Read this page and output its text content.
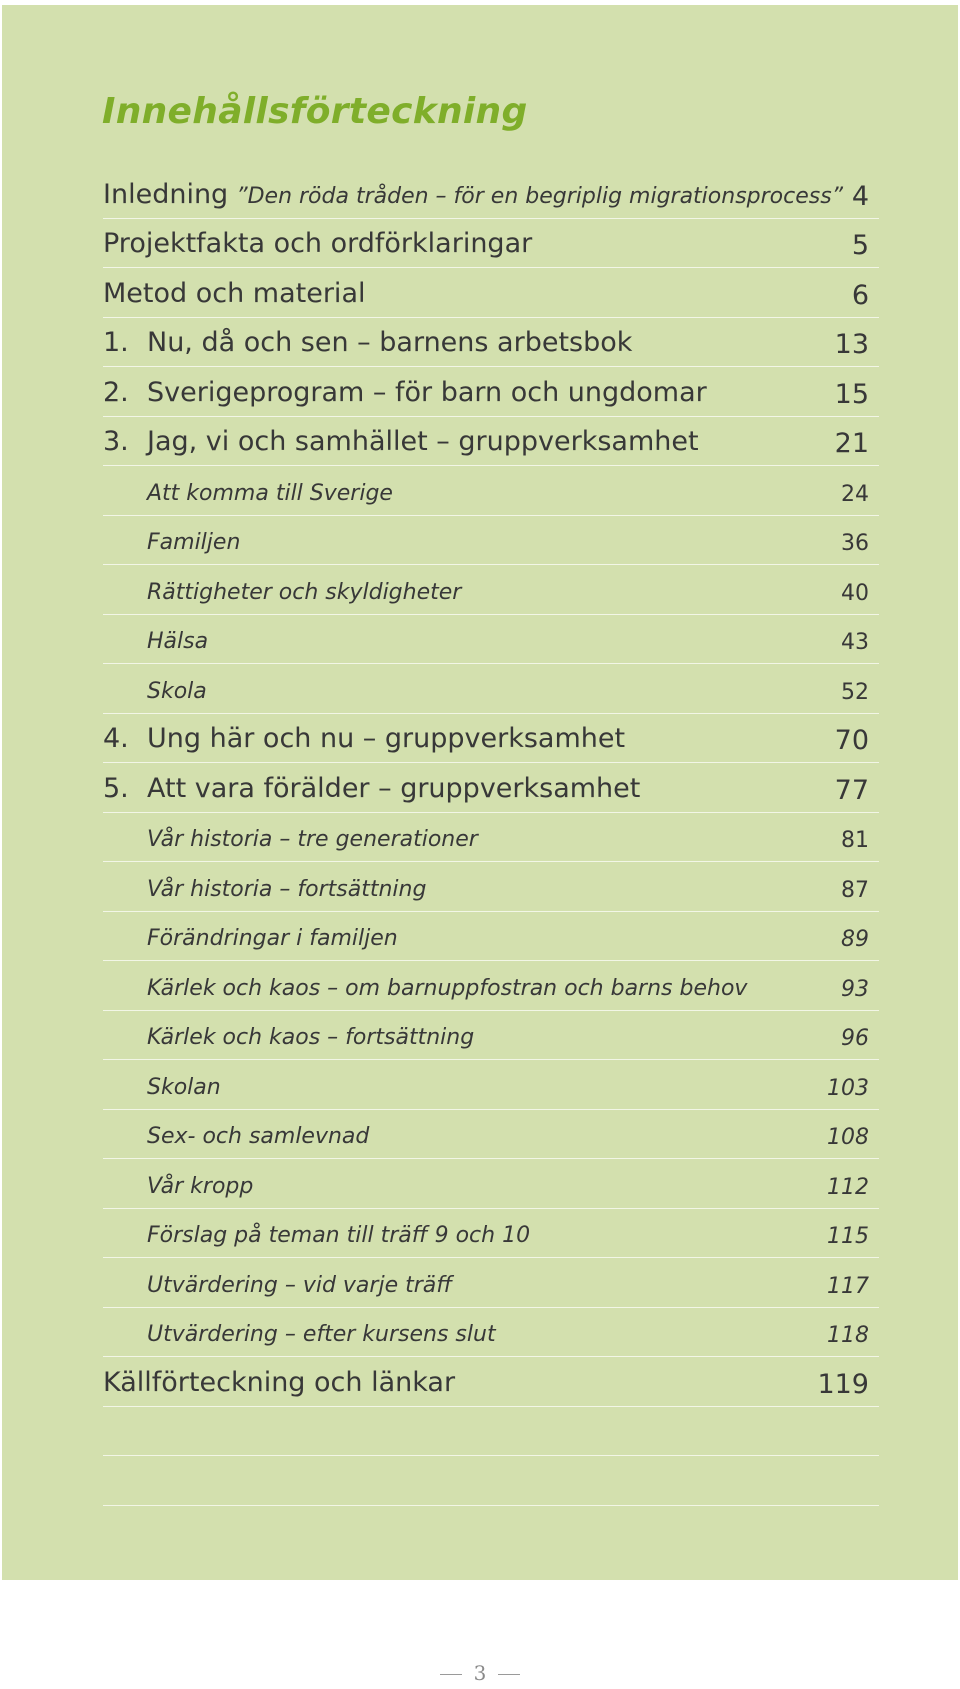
Innehållsförteckning
Inledning ”Den röda tråden – för en begriplig migrationsprocess” 4
Projektfakta och ordförklaringar	5
Metod och material	6
1. Nu, då och sen – barnens arbetsbok	13
2. Sverigeprogram – för barn och ungdomar	15
3. Jag, vi och samhället – gruppverksamhet	21
Att komma till Sverige	24
Familjen	36
Rättigheter och skyldigheter	40
Hälsa	43
Skola	52
4. Ung här och nu – gruppverksamhet	70
5. Att vara förälder – gruppverksamhet	77
Vår historia – tre generationer	81
Vår historia – fortsättning	87
Förändringar i familjen	89
Kärlek och kaos – om barnuppfostran och barns behov	93
Kärlek och kaos – fortsättning	96
Skolan	103
Sex- och samlevnad	108
Vår kropp	112
Förslag på teman till träff 9 och 10	115
Utvärdering – vid varje träff	117
Utvärdering – efter kursens slut	118
Källförteckning och länkar	119
3
